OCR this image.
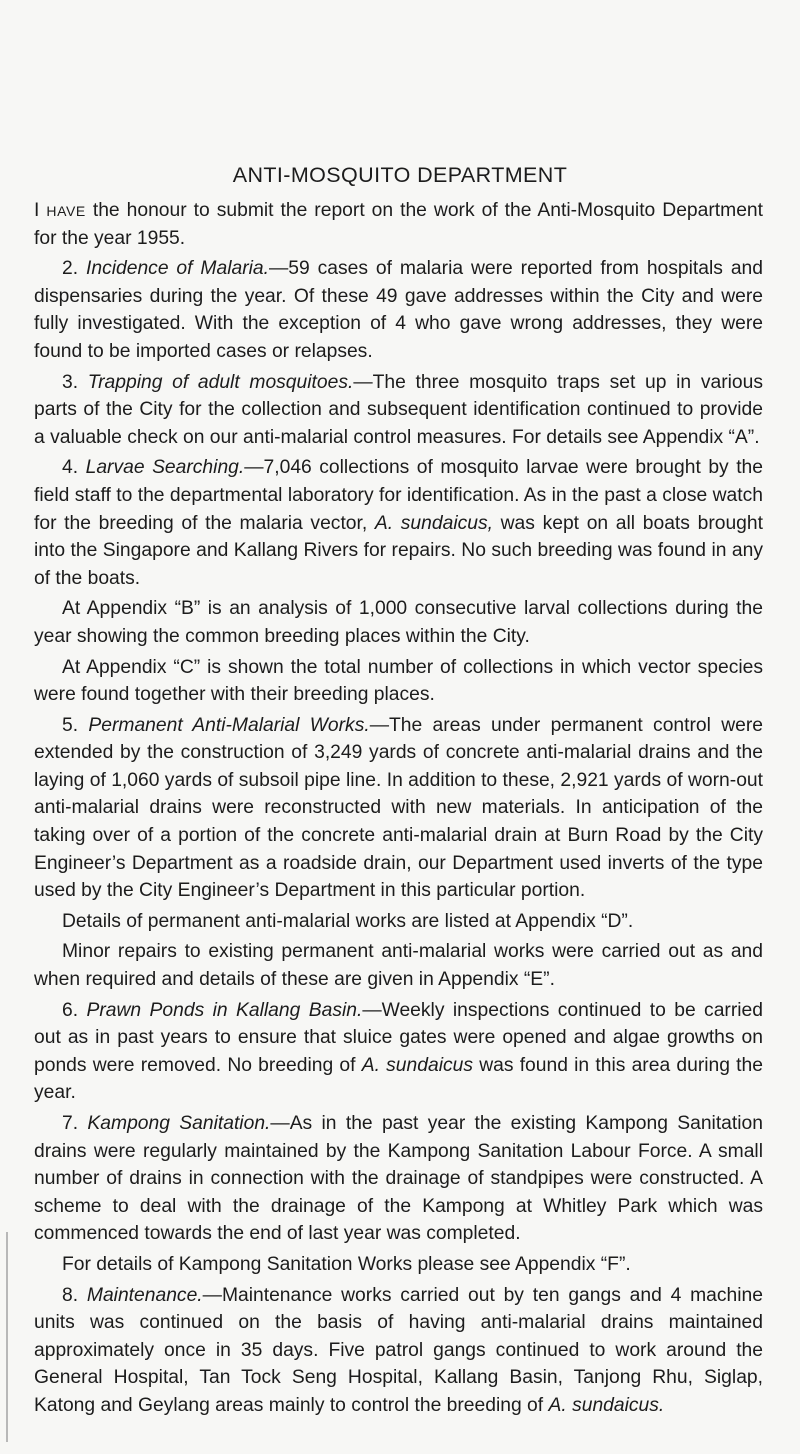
ANTI-MOSQUITO DEPARTMENT

I have the honour to submit the report on the work of the Anti-Mosquito Department for the year 1955.

2. Incidence of Malaria.—59 cases of malaria were reported from hospitals and dispensaries during the year. Of these 49 gave addresses within the City and were fully investigated. With the exception of 4 who gave wrong addresses, they were found to be imported cases or relapses.

3. Trapping of adult mosquitoes.—The three mosquito traps set up in various parts of the City for the collection and subsequent identification continued to provide a valuable check on our anti-malarial control measures. For details see Appendix “A”.

4. Larvae Searching.—7,046 collections of mosquito larvae were brought by the field staff to the departmental laboratory for identification. As in the past a close watch for the breeding of the malaria vector, A. sundaicus, was kept on all boats brought into the Singapore and Kallang Rivers for repairs. No such breeding was found in any of the boats.

At Appendix “B” is an analysis of 1,000 consecutive larval collections during the year showing the common breeding places within the City.

At Appendix “C” is shown the total number of collections in which vector species were found together with their breeding places.

5. Permanent Anti-Malarial Works.—The areas under permanent control were extended by the construction of 3,249 yards of concrete anti-malarial drains and the laying of 1,060 yards of subsoil pipe line. In addition to these, 2,921 yards of worn-out anti-malarial drains were reconstructed with new materials. In anticipation of the taking over of a portion of the concrete anti-malarial drain at Burn Road by the City Engineer’s Department as a roadside drain, our Department used inverts of the type used by the City Engineer’s Department in this particular portion.

Details of permanent anti-malarial works are listed at Appendix “D”.

Minor repairs to existing permanent anti-malarial works were carried out as and when required and details of these are given in Appendix “E”.

6. Prawn Ponds in Kallang Basin.—Weekly inspections continued to be carried out as in past years to ensure that sluice gates were opened and algae growths on ponds were removed. No breeding of A. sundaicus was found in this area during the year.

7. Kampong Sanitation.—As in the past year the existing Kampong Sanitation drains were regularly maintained by the Kampong Sanitation Labour Force. A small number of drains in connection with the drainage of standpipes were constructed. A scheme to deal with the drainage of the Kampong at Whitley Park which was commenced towards the end of last year was completed.

For details of Kampong Sanitation Works please see Appendix “F”.

8. Maintenance.—Maintenance works carried out by ten gangs and 4 machine units was continued on the basis of having anti-malarial drains maintained approximately once in 35 days. Five patrol gangs continued to work around the General Hospital, Tan Tock Seng Hospital, Kallang Basin, Tanjong Rhu, Siglap, Katong and Geylang areas mainly to control the breeding of A. sundaicus.
